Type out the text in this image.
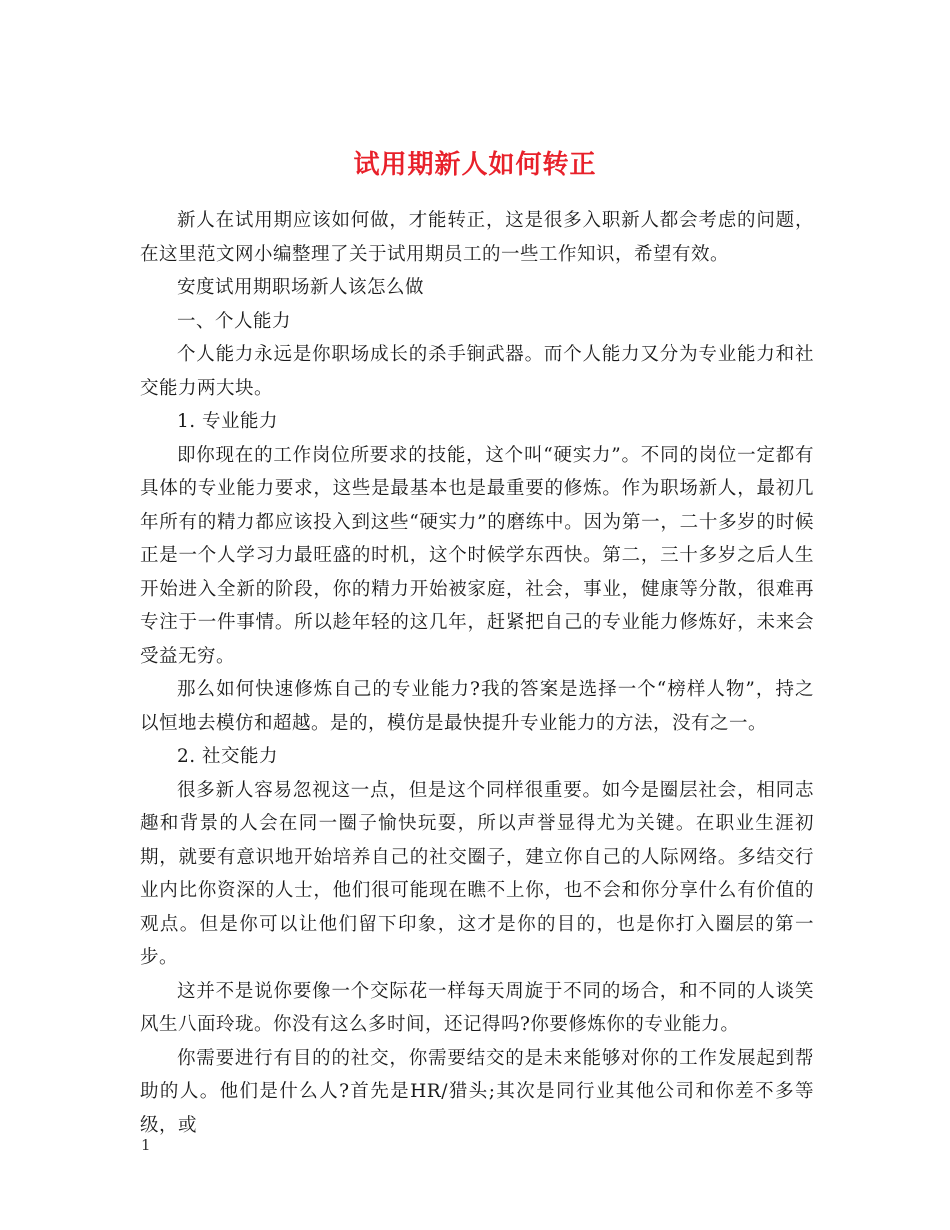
试用期新人如何转正

新人在试用期应该如何做，才能转正，这是很多入职新人都会考虑的问题，在这里范文网小编整理了关于试用期员工的一些工作知识，希望有效。

安度试用期职场新人该怎么做

一、个人能力

个人能力永远是你职场成长的杀手锏武器。而个人能力又分为专业能力和社交能力两大块。

1. 专业能力

即你现在的工作岗位所要求的技能，这个叫“硬实力”。不同的岗位一定都有具体的专业能力要求，这些是最基本也是最重要的修炼。作为职场新人，最初几年所有的精力都应该投入到这些“硬实力”的磨练中。因为第一，二十多岁的时候正是一个人学习力最旺盛的时机，这个时候学东西快。第二，三十多岁之后人生开始进入全新的阶段，你的精力开始被家庭，社会，事业，健康等分散，很难再专注于一件事情。所以趁年轻的这几年，赶紧把自己的专业能力修炼好，未来会受益无穷。

那么如何快速修炼自己的专业能力?我的答案是选择一个“榜样人物”，持之以恒地去模仿和超越。是的，模仿是最快提升专业能力的方法，没有之一。

2. 社交能力

很多新人容易忽视这一点，但是这个同样很重要。如今是圈层社会，相同志趣和背景的人会在同一圈子愉快玩耍，所以声誉显得尤为关键。在职业生涯初期，就要有意识地开始培养自己的社交圈子，建立你自己的人际网络。多结交行业内比你资深的人士，他们很可能现在瞧不上你，也不会和你分享什么有价值的观点。但是你可以让他们留下印象，这才是你的目的，也是你打入圈层的第一步。

这并不是说你要像一个交际花一样每天周旋于不同的场合，和不同的人谈笑风生八面玲珑。你没有这么多时间，还记得吗?你要修炼你的专业能力。

你需要进行有目的的社交，你需要结交的是未来能够对你的工作发展起到帮助的人。他们是什么人?首先是HR/猎头;其次是同行业其他公司和你差不多等级，或

1
